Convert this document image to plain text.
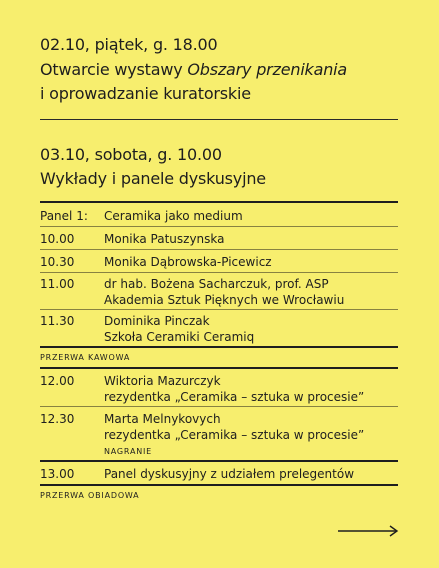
02.10, piątek, g. 18.00
Otwarcie wystawy Obszary przenikania
i oprowadzanie kuratorskie
03.10, sobota, g. 10.00
Wykłady i panele dyskusyjne
Panel 1: Ceramika jako medium
10.00 Monika Patuszynska
10.30 Monika Dąbrowska-Picewicz
11.00 dr hab. Bożena Sacharczuk, prof. ASP
Akademia Sztuk Pięknych we Wrocławiu
11.30 Dominika Pinczak
Szkoła Ceramiki Ceramiq
PRZERWA KAWOWA
12.00 Wiktoria Mazurczyk
rezydentka „Ceramika – sztuka w procesie”
12.30 Marta Melnykovych
rezydentka „Ceramika – sztuka w procesie”
NAGRANIE
13.00 Panel dyskusyjny z udziałem prelegentów
PRZERWA OBIADOWA
